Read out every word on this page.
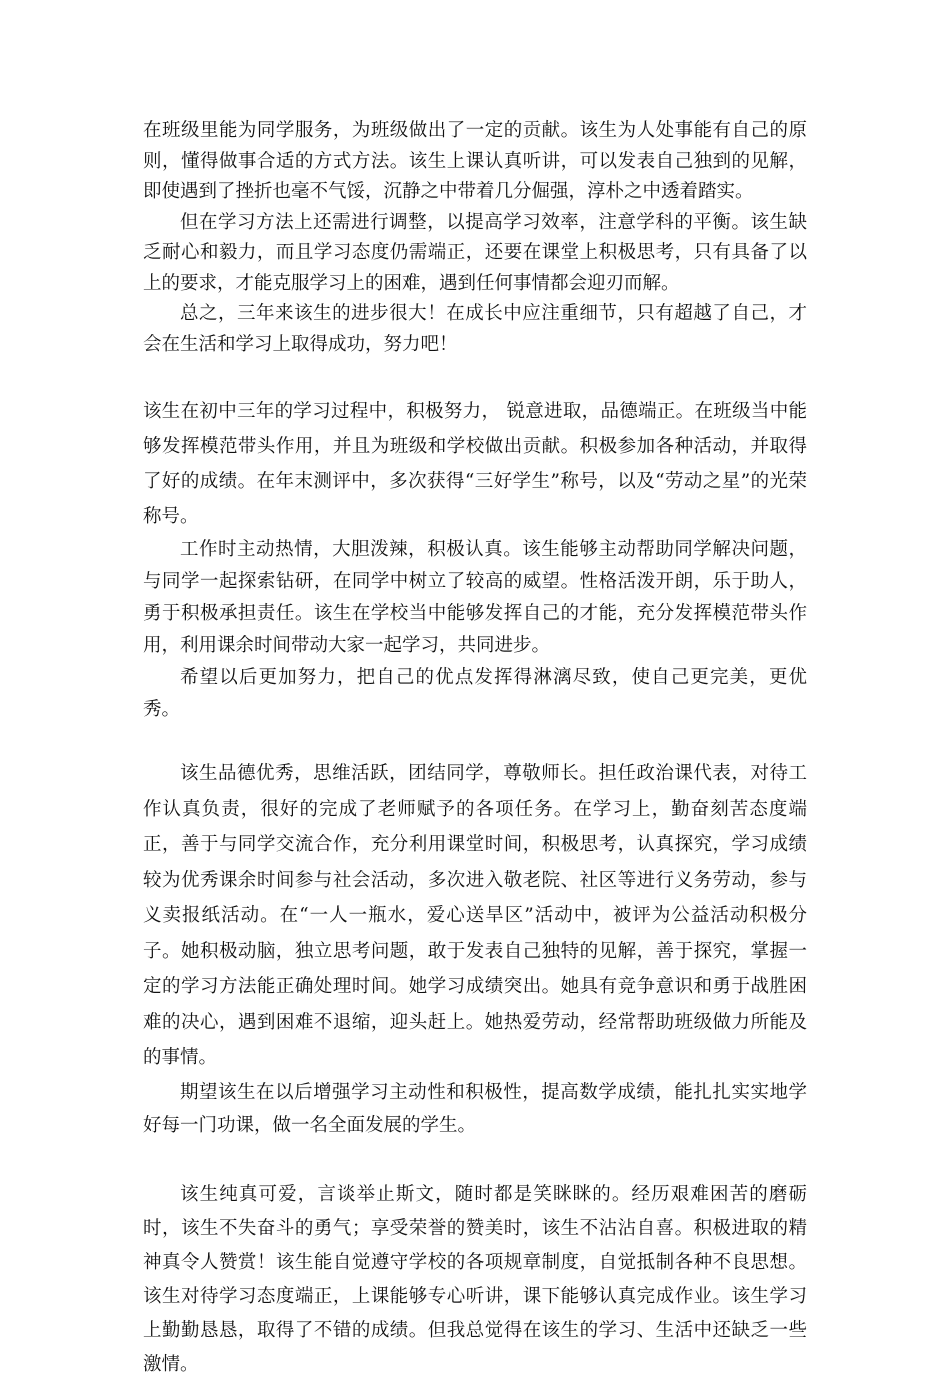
在班级里能为同学服务，为班级做出了一定的贡献。该生为人处事能有自己的原则，懂得做事合适的方式方法。该生上课认真听讲，可以发表自己独到的见解，即使遇到了挫折也毫不气馁，沉静之中带着几分倔强，淳朴之中透着踏实。

但在学习方法上还需进行调整，以提高学习效率，注意学科的平衡。该生缺乏耐心和毅力，而且学习态度仍需端正，还要在课堂上积极思考，只有具备了以上的要求，才能克服学习上的困难，遇到任何事情都会迎刃而解。

总之，三年来该生的进步很大！在成长中应注重细节，只有超越了自己，才会在生活和学习上取得成功，努力吧！

该生在初中三年的学习过程中，积极努力， 锐意进取，品德端正。在班级当中能够发挥模范带头作用，并且为班级和学校做出贡献。积极参加各种活动，并取得了好的成绩。在年末测评中，多次获得“三好学生”称号，以及“劳动之星”的光荣称号。

工作时主动热情，大胆泼辣，积极认真。该生能够主动帮助同学解决问题，与同学一起探索钻研，在同学中树立了较高的威望。性格活泼开朗，乐于助人，勇于积极承担责任。该生在学校当中能够发挥自己的才能，充分发挥模范带头作用，利用课余时间带动大家一起学习，共同进步。

希望以后更加努力，把自己的优点发挥得淋漓尽致，使自己更完美，更优秀。

该生品德优秀，思维活跃，团结同学，尊敬师长。担任政治课代表，对待工作认真负责，很好的完成了老师赋予的各项任务。在学习上，勤奋刻苦态度端正，善于与同学交流合作，充分利用课堂时间，积极思考，认真探究，学习成绩较为优秀课余时间参与社会活动，多次进入敬老院、社区等进行义务劳动，参与义卖报纸活动。在“一人一瓶水，爱心送旱区”活动中，被评为公益活动积极分子。她积极动脑，独立思考问题，敢于发表自己独特的见解，善于探究，掌握一定的学习方法能正确处理时间。她学习成绩突出。她具有竞争意识和勇于战胜困难的决心，遇到困难不退缩，迎头赶上。她热爱劳动，经常帮助班级做力所能及的事情。

期望该生在以后增强学习主动性和积极性，提高数学成绩，能扎扎实实地学好每一门功课，做一名全面发展的学生。

该生纯真可爱，言谈举止斯文，随时都是笑眯眯的。经历艰难困苦的磨砺时，该生不失奋斗的勇气；享受荣誉的赞美时，该生不沾沾自喜。积极进取的精神真令人赞赏！该生能自觉遵守学校的各项规章制度，自觉抵制各种不良思想。该生对待学习态度端正，上课能够专心听讲，课下能够认真完成作业。该生学习上勤勤恳恳，取得了不错的成绩。但我总觉得在该生的学习、生活中还缺乏一些激情。
